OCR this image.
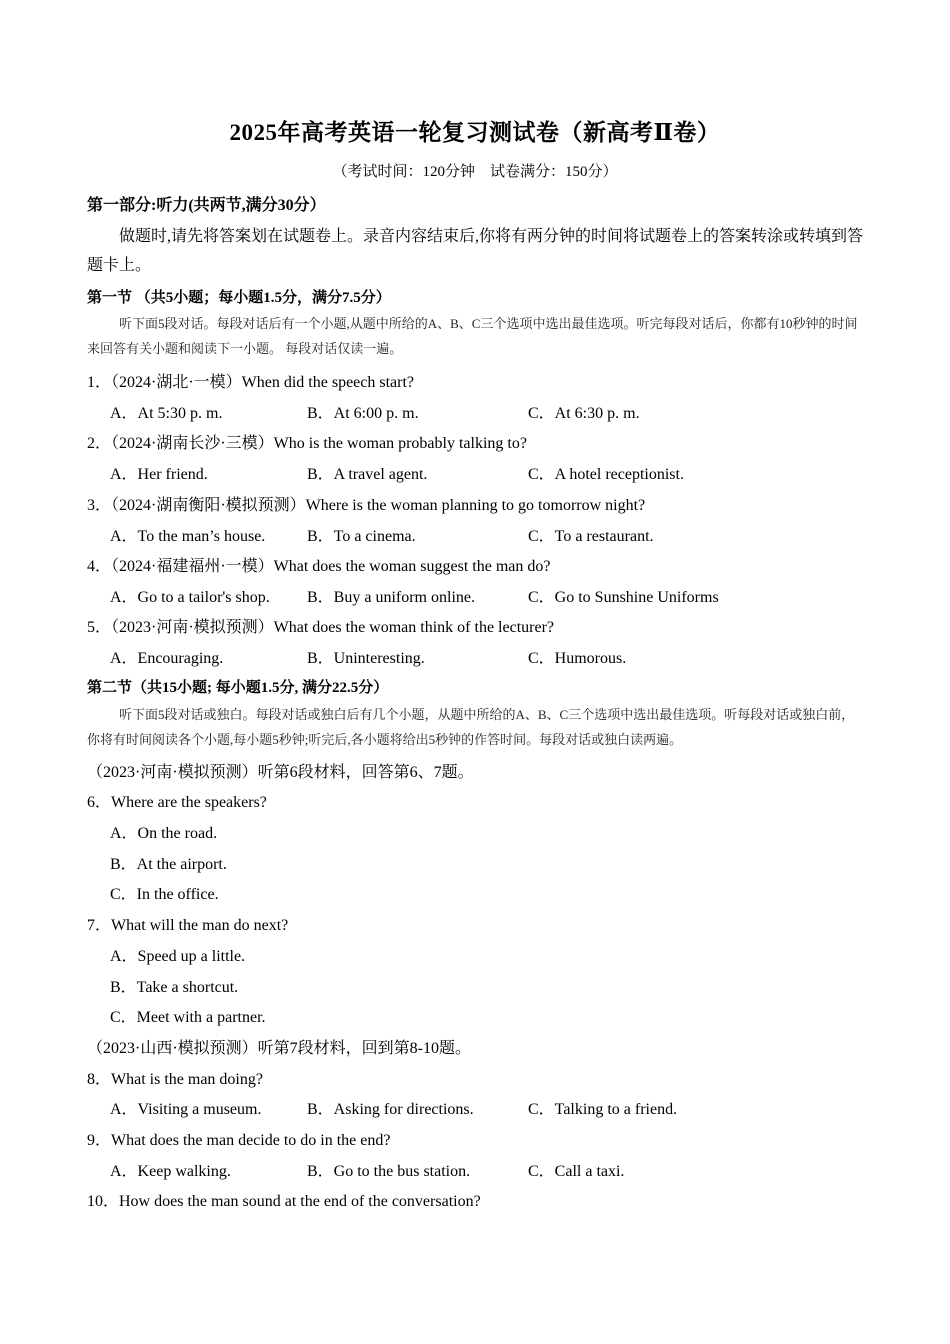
2025年高考英语一轮复习测试卷（新高考Ⅱ卷）
（考试时间：120分钟　试卷满分：150分）
第一部分:听力(共两节,满分30分）
做题时,请先将答案划在试题卷上。录音内容结束后,你将有两分钟的时间将试题卷上的答案转涂或转填到答题卡上。
第一节 （共5小题；每小题1.5分，满分7.5分）
听下面5段对话。每段对话后有一个小题,从题中所给的A、B、C三个选项中选出最佳选项。听完每段对话后，你都有10秒钟的时间来回答有关小题和阅读下一小题。 每段对话仅读一遍。
1．（2024·湖北·一模）When did the speech start?
A．At 5:30 p. m.	B．At 6:00 p. m.	C．At 6:30 p. m.
2．（2024·湖南长沙·三模）Who is the woman probably talking to?
A．Her friend.	B．A travel agent.	C．A hotel receptionist.
3．（2024·湖南衡阳·模拟预测）Where is the woman planning to go tomorrow night?
A．To the man’s house.	B．To a cinema.	C．To a restaurant.
4．（2024·福建福州·一模）What does the woman suggest the man do?
A．Go to a tailor's shop. B．Buy a uniform online.	C．Go to Sunshine Uniforms
5．（2023·河南·模拟预测）What does the woman think of the lecturer?
A．Encouraging.	B．Uninteresting.	C．Humorous.
第二节（共15小题; 每小题1.5分, 满分22.5分）
听下面5段对话或独白。每段对话或独白后有几个小题，从题中所给的A、B、C三个选项中选出最佳选项。听每段对话或独白前，你将有时间阅读各个小题,每小题5秒钟;听完后,各小题将给出5秒钟的作答时间。每段对话或独白读两遍。
（2023·河南·模拟预测）听第6段材料，回答第6、7题。
6．Where are the speakers?
A．On the road.
B．At the airport.
C．In the office.
7．What will the man do next?
A．Speed up a little.
B．Take a shortcut.
C．Meet with a partner.
（2023·山西·模拟预测）听第7段材料，回到第8-10题。
8．What is the man doing?
A．Visiting a museum.	B．Asking for directions.	C．Talking to a friend.
9．What does the man decide to do in the end?
A．Keep walking.	B．Go to the bus station.	C．Call a taxi.
10．How does the man sound at the end of the conversation?
